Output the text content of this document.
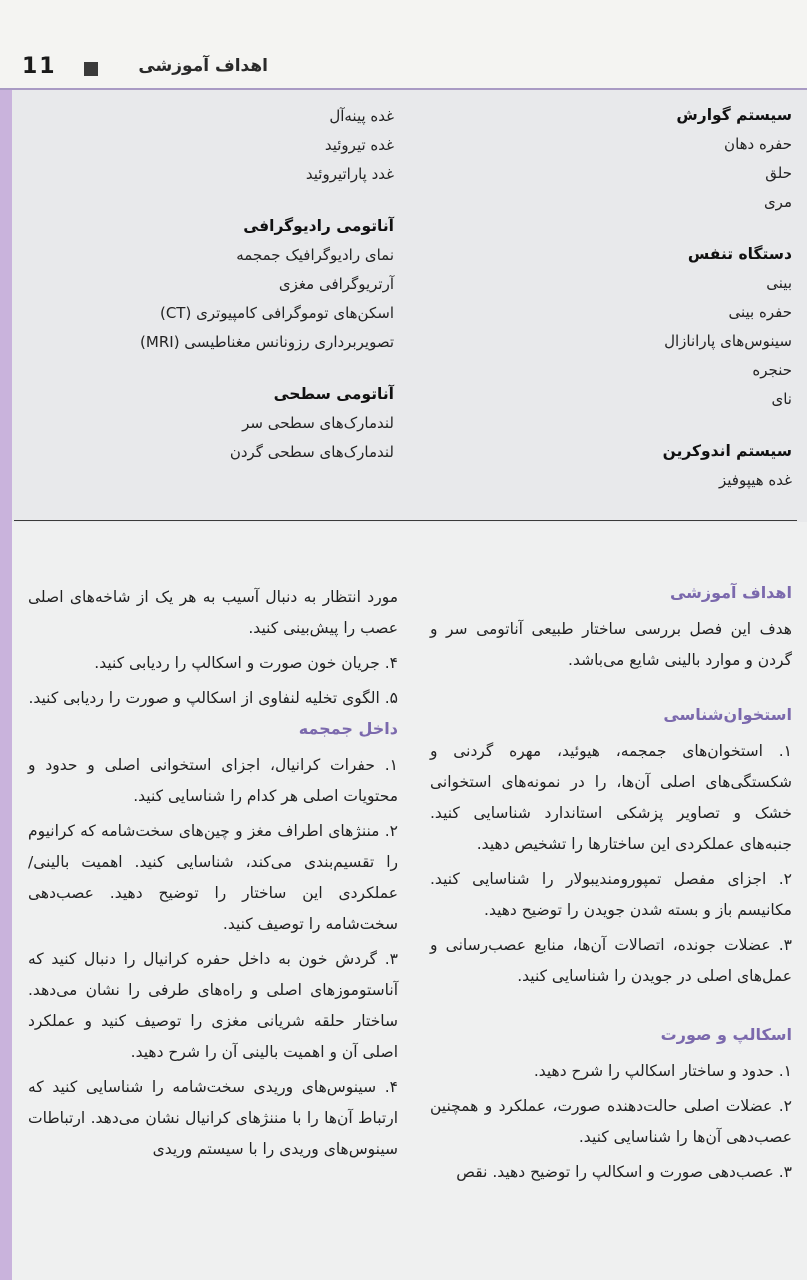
11	اهداف آموزشی

سیستم گوارش

حفره دهان

حلق

مری

دستگاه تنفس

بینی

حفره بینی

سینوس‌های پارانازال

حنجره

نای

سیستم اندوکرین

غده هیپوفیز

غده پینه‌آل

غده تیروئید

غدد پاراتیروئید

آناتومی رادیوگرافی

نمای رادیوگرافیک جمجمه

آرتریوگرافی مغزی

اسکن‌های توموگرافی کامپیوتری (CT)

تصویربرداری رزونانس مغناطیسی (MRI)

آناتومی سطحی

لندمارک‌های سطحی سر

لندمارک‌های سطحی گردن

اهداف آموزشی

هدف این فصل بررسی ساختار طبیعی آناتومی سر و گردن و موارد بالینی شایع می‌باشد.

استخوان‌شناسی

۱. استخوان‌های جمجمه، هیوئید، مهره گردنی و شکستگی‌های اصلی آن‌ها، را در نمونه‌های استخوانی خشک و تصاویر پزشکی استاندارد شناسایی کنید. جنبه‌های عملکردی این ساختارها را تشخیص دهید.

۲. اجزای مفصل تمپورومندیبولار را شناسایی کنید. مکانیسم باز و بسته شدن جویدن را توضیح دهید.

۳. عضلات جونده، اتصالات آن‌ها، منابع عصب‌رسانی و عمل‌های اصلی در جویدن را شناسایی کنید.

اسکالپ و صورت

۱. حدود و ساختار اسکالپ را شرح دهید.

۲. عضلات اصلی حالت‌دهنده صورت، عملکرد و همچنین عصب‌دهی آن‌ها را شناسایی کنید.

۳. عصب‌دهی صورت و اسکالپ را توضیح دهید. نقص

مورد انتظار به دنبال آسیب به هر یک از شاخه‌های اصلی عصب را پیش‌بینی کنید.

۴. جریان خون صورت و اسکالپ را ردیابی کنید.

۵. الگوی تخلیه لنفاوی از اسکالپ و صورت را ردیابی کنید.

داخل جمجمه

۱. حفرات کرانیال، اجزای استخوانی اصلی و حدود و محتویات اصلی هر کدام را شناسایی کنید.

۲. مننژهای اطراف مغز و چین‌های سخت‌شامه که کرانیوم را تقسیم‌بندی می‌کند، شناسایی کنید. اهمیت بالینی/عملکردی این ساختار را توضیح دهید. عصب‌دهی سخت‌شامه را توصیف کنید.

۳. گردش خون به داخل حفره کرانیال را دنبال کنید که آناستوموزهای اصلی و راه‌های طرفی را نشان می‌دهد. ساختار حلقه شریانی مغزی را توصیف کنید و عملکرد اصلی آن و اهمیت بالینی آن را شرح دهید.

۴. سینوس‌های وریدی سخت‌شامه را شناسایی کنید که ارتباط آن‌ها را با مننژهای کرانیال نشان می‌دهد. ارتباطات سینوس‌های وریدی را با سیستم وریدی
